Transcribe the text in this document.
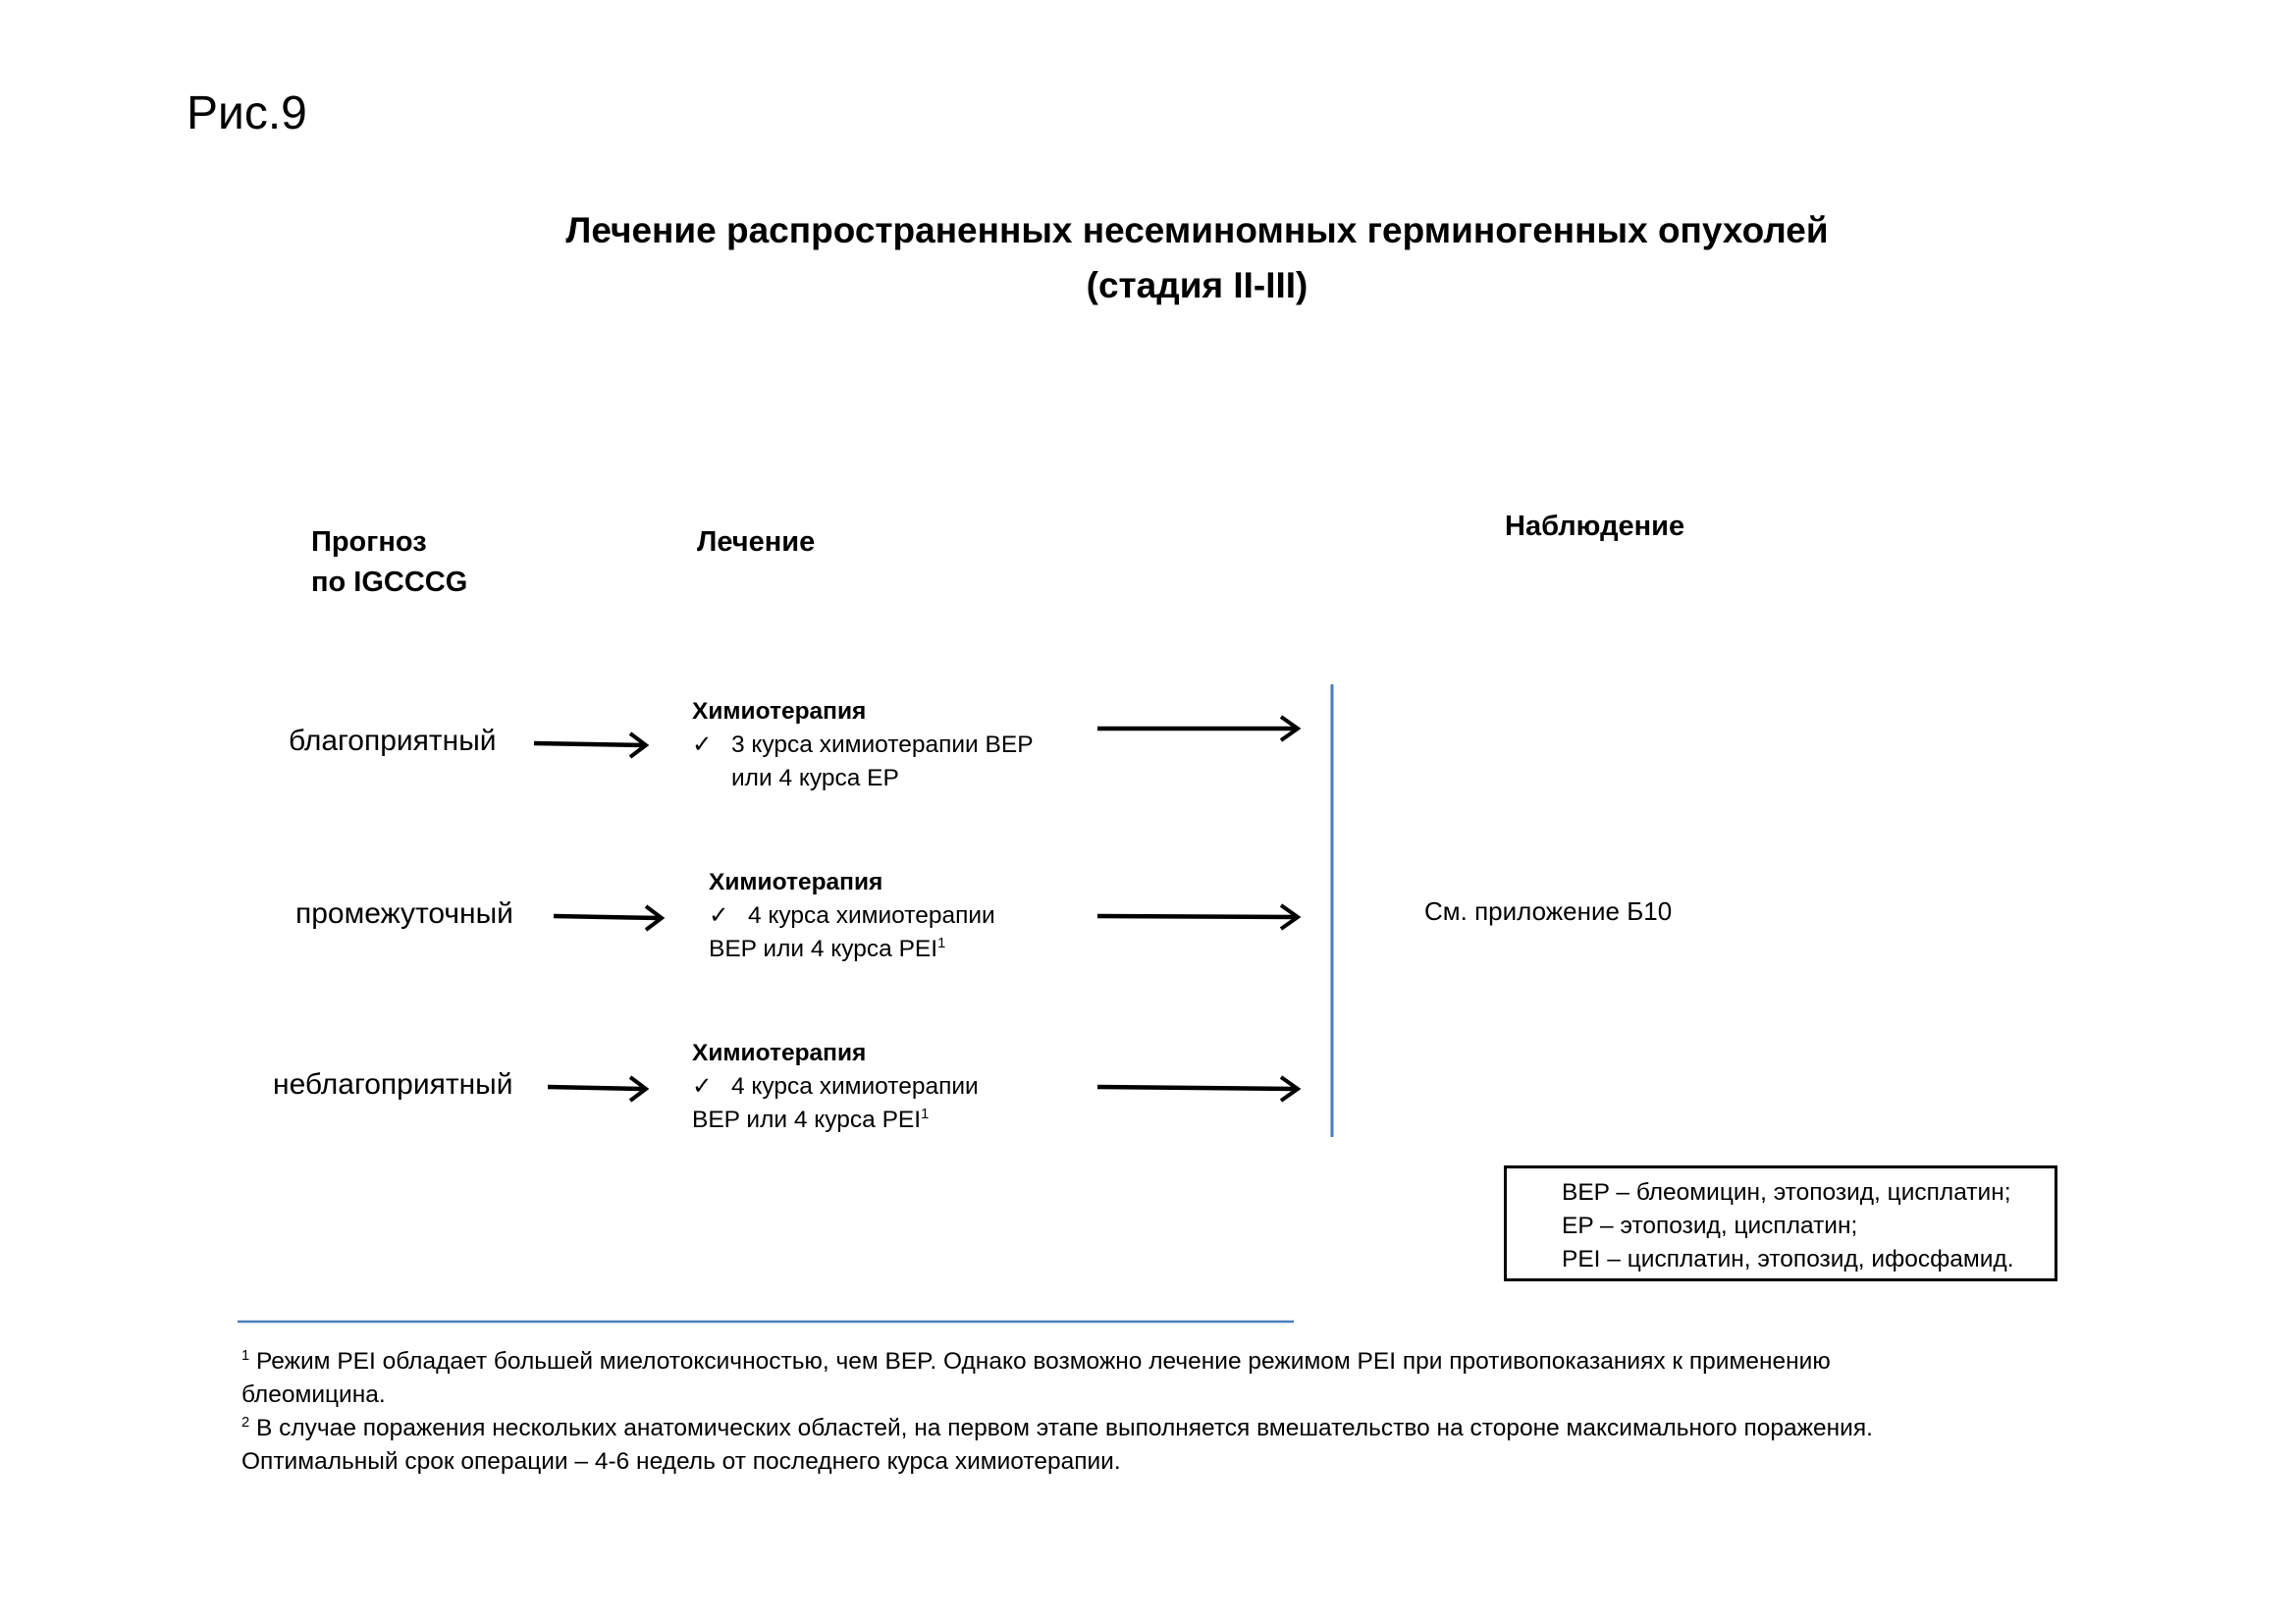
Рис.9
Лечение распространенных несеминомных герминогенных опухолей
(стадия II-III)
Прогноз
по IGCCCG
Лечение	Наблюдение
благоприятный
Химиотерапия
✓ 3 курса химиотерапии BEP
или 4 курса EP
промежуточный
Химиотерапия
✓ 4 курса химиотерапии
BEP или 4 курса PEI$^1$
неблагоприятный
Химиотерапия
✓ 4 курса химиотерапии
BEP или 4 курса PEI$^1$
См. приложение Б10
BEP – блеомицин, этопозид, цисплатин;
EP – этопозид, цисплатин;
PEI – цисплатин, этопозид, ифосфамид.
$^1$ Режим PEI обладает большей миелотоксичностью, чем BEP. Однако возможно лечение режимом PEI при противопоказаниях к применению блеомицина.
$^2$ В случае поражения нескольких анатомических областей, на первом этапе выполняется вмешательство на стороне максимального поражения. Оптимальный срок операции – 4-6 недель от последнего курса химиотерапии.
